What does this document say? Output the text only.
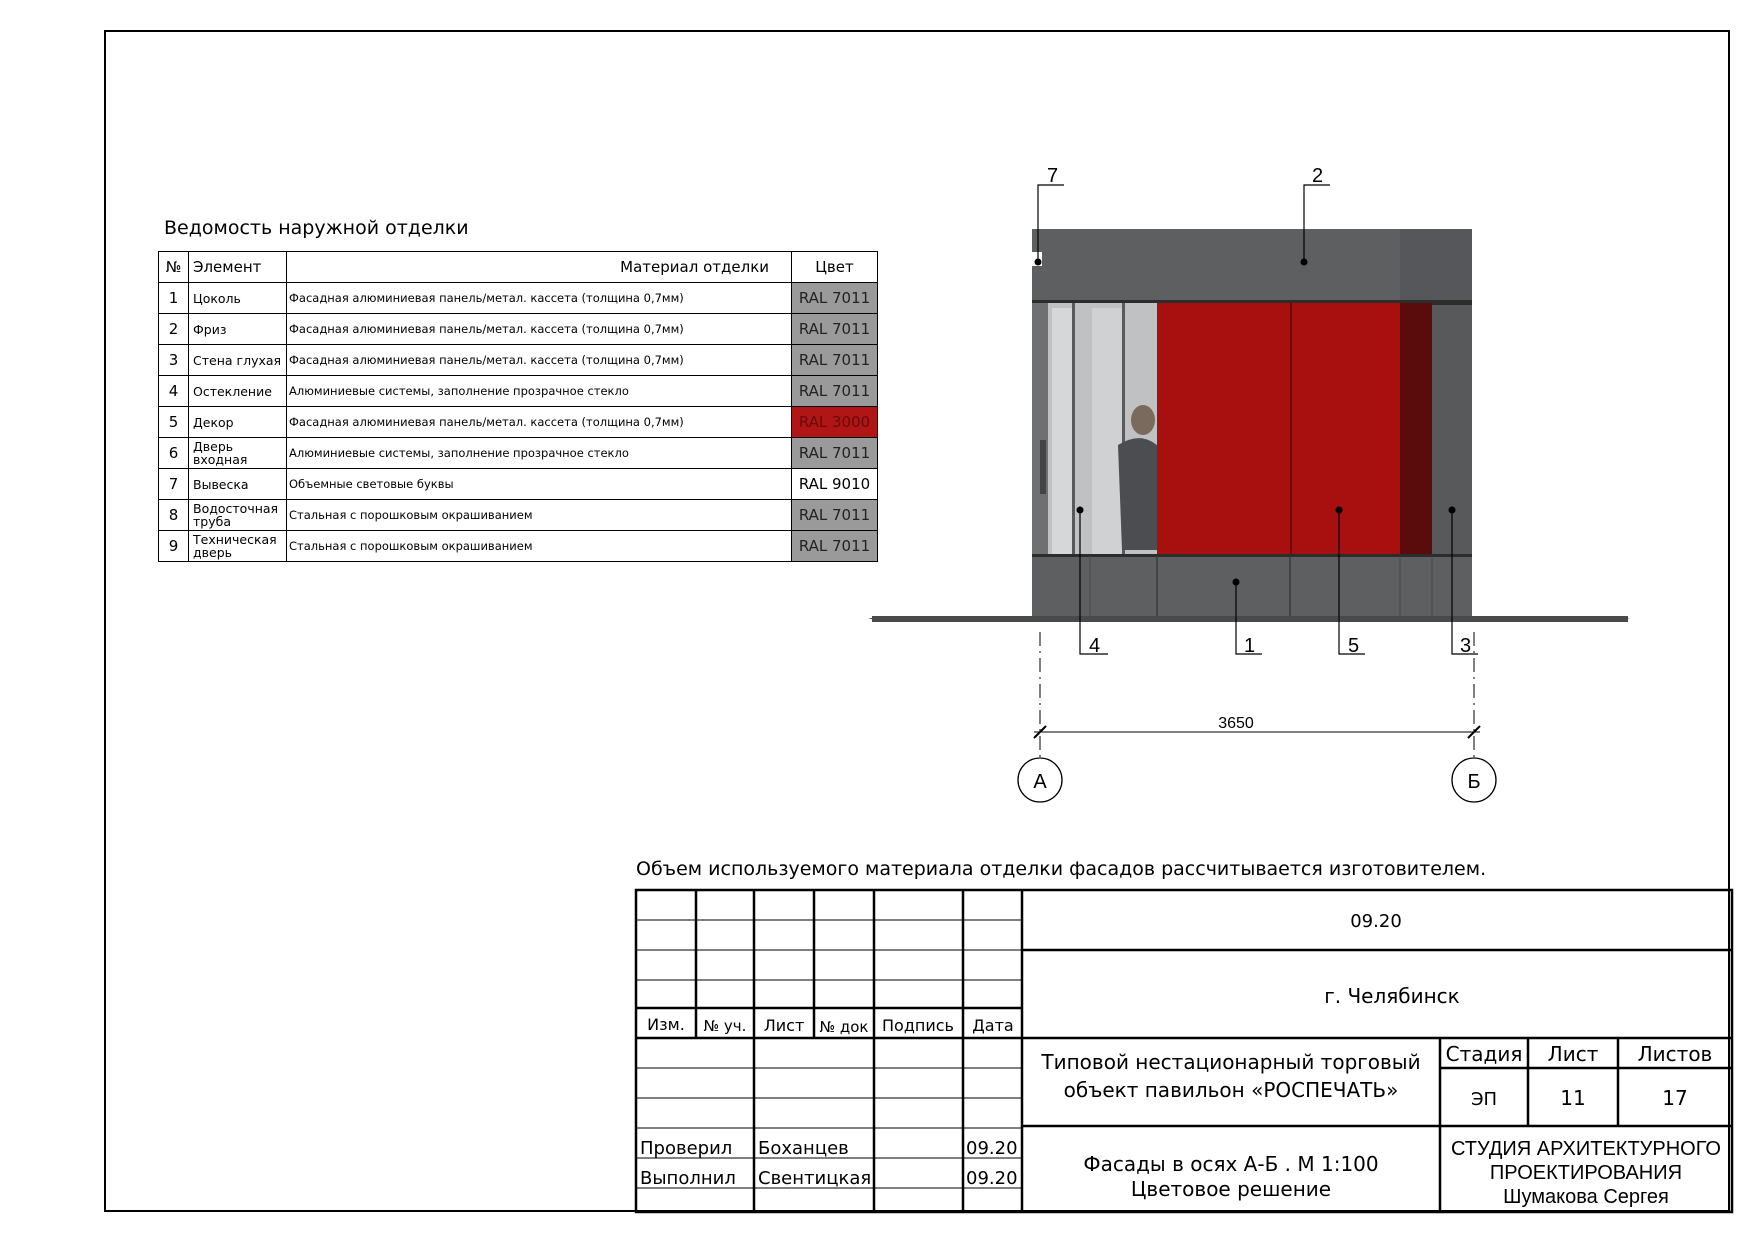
Ведомость наружной отделки
№	Элемент	Материал отделки	Цвет
1	Цоколь	Фасадная алюминиевая панель/метал. кассета (толщина 0,7мм)	RAL 7011
2	Фриз	Фасадная алюминиевая панель/метал. кассета (толщина 0,7мм)	RAL 7011
3	Стена глухая	Фасадная алюминиевая панель/метал. кассета (толщина 0,7мм)	RAL 7011
4	Остекление	Алюминиевые системы, заполнение прозрачное стекло	RAL 7011
5	Декор	Фасадная алюминиевая панель/метал. кассета (толщина 0,7мм)	RAL 3000
6	Дверь входная	Алюминиевые системы, заполнение прозрачное стекло	RAL 7011
7	Вывеска	Объемные световые буквы	RAL 9010
8	Водосточная труба	Стальная с порошковым окрашиванием	RAL 7011
9	Техническая дверь	Стальная с порошковым окрашиванием	RAL 7011
7	2
4	1	5	3
3650
А	Б
Объем используемого материала отделки фасадов рассчитывается изготовителем.
Изм. № уч. Лист № док Подпись Дата
Проверил Боханцев	09.20
Выполнил Свентицкая	09.20
09.20
г. Челябинск
Типовой нестационарный торговый
объект павильон «РОСПЕЧАТЬ»
Фасады в осях А-Б . М 1:100
Цветовое решение
Стадия Лист Листов
ЭП	11	17
СТУДИЯ АРХИТЕКТУРНОГО
ПРОЕКТИРОВАНИЯ
Шумакова Сергея
